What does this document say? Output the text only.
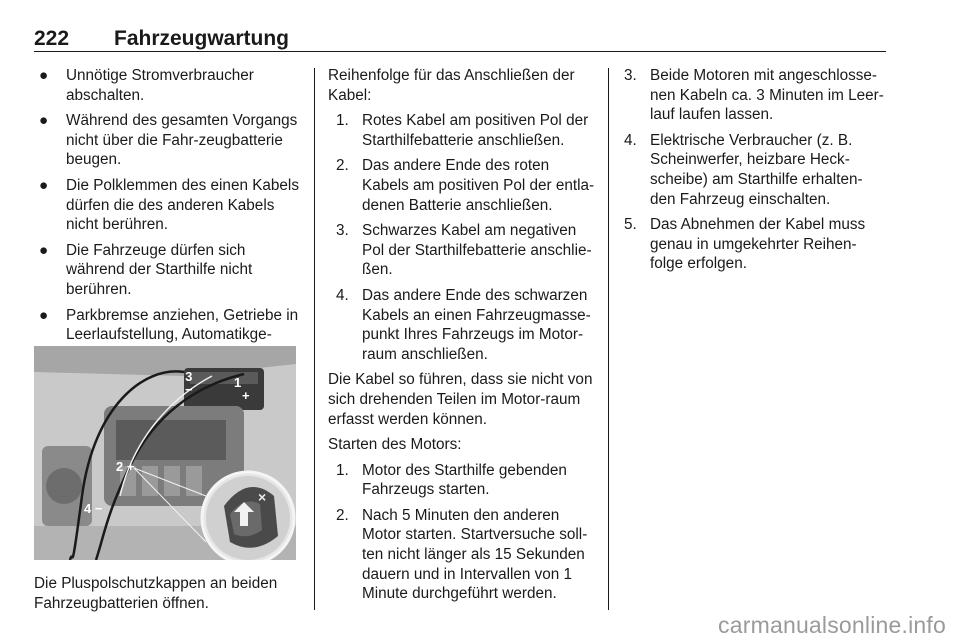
222 Fahrzeugwartung
● Unnötige Stromverbraucher abschalten.
● Während des gesamten Vorgangs nicht über die Fahr-zeugbatterie beugen.
● Die Polklemmen des einen Kabels dürfen die des anderen Kabels nicht berühren.
● Die Fahrzeuge dürfen sich während der Starthilfe nicht berühren.
● Parkbremse anziehen, Getriebe in Leerlaufstellung, Automatikge-
×
3
−	1
+
2 +
4 −
Die Pluspolschutzkappen an beiden Fahrzeugbatterien öffnen.

Reihenfolge für das Anschließen der Kabel:

1. Rotes Kabel am positiven Pol der Starthilfebatterie anschließen.
2. Das andere Ende des roten Kabels am positiven Pol der entla-denen Batterie anschließen.
3. Schwarzes Kabel am negativen Pol der Starthilfebatterie anschlie-ßen.
4. Das andere Ende des schwarzen Kabels an einen Fahrzeugmasse-punkt Ihres Fahrzeugs im Motor-raum anschließen.

Die Kabel so führen, dass sie nicht von sich drehenden Teilen im Motor-raum erfasst werden können.

Starten des Motors:

1. Motor des Starthilfe gebenden Fahrzeugs starten.
2. Nach 5 Minuten den anderen Motor starten. Startversuche soll-ten nicht länger als 15 Sekunden dauern und in Intervallen von 1 Minute durchgeführt werden.
3. Beide Motoren mit angeschlosse-nen Kabeln ca. 3 Minuten im Leer-lauf laufen lassen.
4. Elektrische Verbraucher (z. B. Scheinwerfer, heizbare Heck-scheibe) am Starthilfe erhalten-den Fahrzeug einschalten.
5. Das Abnehmen der Kabel muss genau in umgekehrter Reihen-folge erfolgen.
carmanualsonline.info
